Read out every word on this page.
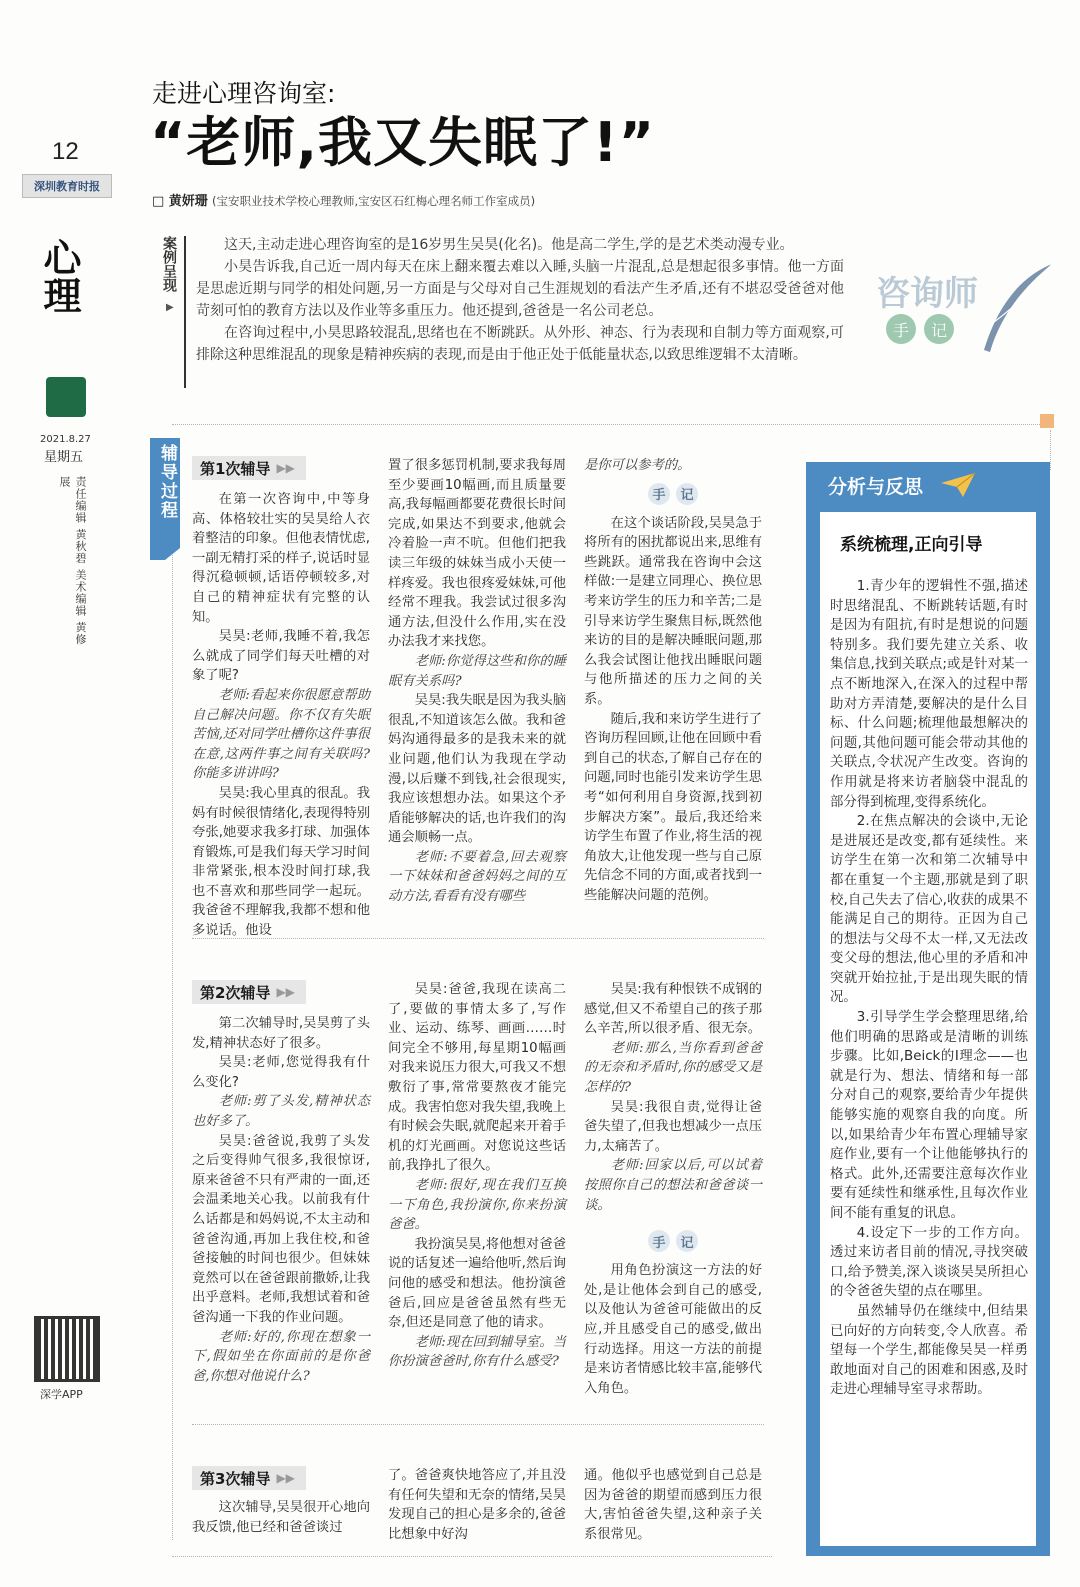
12
深圳教育时报
心理
2021.8.27
星期五
责任编辑 黄秋碧 美术编辑 黄修展
深学APP
走进心理咨询室:
“老师,我又失眠了!”
□ 黄妍珊 (宝安职业技术学校心理教师,宝安区石红梅心理名师工作室成员)
案例呈现
▶

这天,主动走进心理咨询室的是16岁男生吴昊(化名)。他是高二学生,学的是艺术类动漫专业。

小昊告诉我,自己近一周内每天在床上翻来覆去难以入睡,头脑一片混乱,总是想起很多事情。他一方面是思虑近期与同学的相处问题,另一方面是与父母对自己生涯规划的看法产生矛盾,还有不堪忍受爸爸对他苛刻可怕的教育方法以及作业等多重压力。他还提到,爸爸是一名公司老总。

在咨询过程中,小昊思路较混乱,思绪也在不断跳跃。从外形、神态、行为表现和自制力等方面观察,可排除这种思维混乱的现象是精神疾病的表现,而是由于他正处于低能量状态,以致思维逻辑不太清晰。

咨询师
手	记
辅导过程	第1次辅导 ▶▶

在第一次咨询中,中等身高、体格较壮实的吴昊给人衣着整洁的印象。但他表情忧虑,一副无精打采的样子,说话时显得沉稳顿顿,话语停顿较多,对自己的精神症状有完整的认知。

吴昊:老师,我睡不着,我怎么就成了同学们每天吐槽的对象了呢?

老师:看起来你很愿意帮助自己解决问题。你不仅有失眠苦恼,还对同学吐槽你这件事很在意,这两件事之间有关联吗?你能多讲讲吗?

吴昊:我心里真的很乱。我妈有时候很情绪化,表现得特别夸张,她要求我多打球、加强体育锻炼,可是我们每天学习时间非常紧张,根本没时间打球,我也不喜欢和那些同学一起玩。我爸爸不理解我,我都不想和他多说话。他设

置了很多惩罚机制,要求我每周至少要画10幅画,而且质量要高,我每幅画都要花费很长时间完成,如果达不到要求,他就会冷着脸一声不吭。但他们把我读三年级的妹妹当成小天使一样疼爱。我也很疼爱妹妹,可他经常不理我。我尝试过很多沟通方法,但没什么作用,实在没办法我才来找您。

老师:你觉得这些和你的睡眠有关系吗?

吴昊:我失眠是因为我头脑很乱,不知道该怎么做。我和爸妈沟通得最多的是我未来的就业问题,他们认为我现在学动漫,以后赚不到钱,社会很现实,我应该想想办法。如果这个矛盾能够解决的话,也许我们的沟通会顺畅一点。

老师:不要着急,回去观察一下妹妹和爸爸妈妈之间的互动方法,看看有没有哪些

是你可以参考的。

手	记

在这个谈话阶段,吴昊急于将所有的困扰都说出来,思维有些跳跃。通常我在咨询中会这样做:一是建立同理心、换位思考来访学生的压力和辛苦;二是引导来访学生聚焦目标,既然他来访的目的是解决睡眠问题,那么我会试图让他找出睡眠问题与他所描述的压力之间的关系。

随后,我和来访学生进行了咨询历程回顾,让他在回顾中看到自己的状态,了解自己存在的问题,同时也能引发来访学生思考“如何利用自身资源,找到初步解决方案”。最后,我还给来访学生布置了作业,将生活的视角放大,让他发现一些与自己原先信念不同的方面,或者找到一些能解决问题的范例。

第2次辅导 ▶▶

第二次辅导时,吴昊剪了头发,精神状态好了很多。

吴昊:老师,您觉得我有什么变化?

老师:剪了头发,精神状态也好多了。

吴昊:爸爸说,我剪了头发之后变得帅气很多,我很惊讶,原来爸爸不只有严肃的一面,还会温柔地关心我。以前我有什么话都是和妈妈说,不太主动和爸爸沟通,再加上我住校,和爸爸接触的时间也很少。但妹妹竟然可以在爸爸跟前撒娇,让我出乎意料。老师,我想试着和爸爸沟通一下我的作业问题。

老师:好的,你现在想象一下,假如坐在你面前的是你爸爸,你想对他说什么?

吴昊:爸爸,我现在读高二了,要做的事情太多了,写作业、运动、练琴、画画……时间完全不够用,每星期10幅画对我来说压力很大,可我又不想敷衍了事,常常要熬夜才能完成。我害怕您对我失望,我晚上有时候会失眠,就爬起来开着手机的灯光画画。对您说这些话前,我挣扎了很久。

老师:很好,现在我们互换一下角色,我扮演你,你来扮演爸爸。

我扮演吴昊,将他想对爸爸说的话复述一遍给他听,然后询问他的感受和想法。他扮演爸爸后,回应是爸爸虽然有些无奈,但还是同意了他的请求。

老师:现在回到辅导室。当你扮演爸爸时,你有什么感受?

吴昊:我有种恨铁不成钢的感觉,但又不希望自己的孩子那么辛苦,所以很矛盾、很无奈。

老师:那么,当你看到爸爸的无奈和矛盾时,你的感受又是怎样的?

吴昊:我很自责,觉得让爸爸失望了,但我也想减少一点压力,太痛苦了。

老师:回家以后,可以试着按照你自己的想法和爸爸谈一谈。

手	记

用角色扮演这一方法的好处,是让他体会到自己的感受,以及他认为爸爸可能做出的反应,并且感受自己的感受,做出行动选择。用这一方法的前提是来访者情感比较丰富,能够代入角色。

第3次辅导 ▶▶

这次辅导,吴昊很开心地向我反馈,他已经和爸爸谈过

了。爸爸爽快地答应了,并且没有任何失望和无奈的情绪,吴昊发现自己的担心是多余的,爸爸比想象中好沟

通。他似乎也感觉到自己总是因为爸爸的期望而感到压力很大,害怕爸爸失望,这种亲子关系很常见。

分析与反思
系统梳理,正向引导

1.青少年的逻辑性不强,描述时思绪混乱、不断跳转话题,有时是因为有阻抗,有时是想说的问题特别多。我们要先建立关系、收集信息,找到关联点;或是针对某一点不断地深入,在深入的过程中帮助对方弄清楚,要解决的是什么目标、什么问题;梳理他最想解决的问题,其他问题可能会带动其他的关联点,令状况产生改变。咨询的作用就是将来访者脑袋中混乱的部分得到梳理,变得系统化。

2.在焦点解决的会谈中,无论是进展还是改变,都有延续性。来访学生在第一次和第二次辅导中都在重复一个主题,那就是到了职校,自己失去了信心,收获的成果不能满足自己的期待。正因为自己的想法与父母不太一样,又无法改变父母的想法,他心里的矛盾和冲突就开始拉扯,于是出现失眠的情况。

3.引导学生学会整理思绪,给他们明确的思路或是清晰的训练步骤。比如,Beick的I理念——也就是行为、想法、情绪和每一部分对自己的观察,要给青少年提供能够实施的观察自我的向度。所以,如果给青少年布置心理辅导家庭作业,要有一个让他能够执行的格式。此外,还需要注意每次作业要有延续性和继承性,且每次作业间不能有重复的讯息。

4.设定下一步的工作方向。透过来访者目前的情况,寻找突破口,给予赞美,深入谈谈吴昊所担心的令爸爸失望的点在哪里。

虽然辅导仍在继续中,但结果已向好的方向转变,令人欣喜。希望每一个学生,都能像吴昊一样勇敢地面对自己的困难和困惑,及时走进心理辅导室寻求帮助。
